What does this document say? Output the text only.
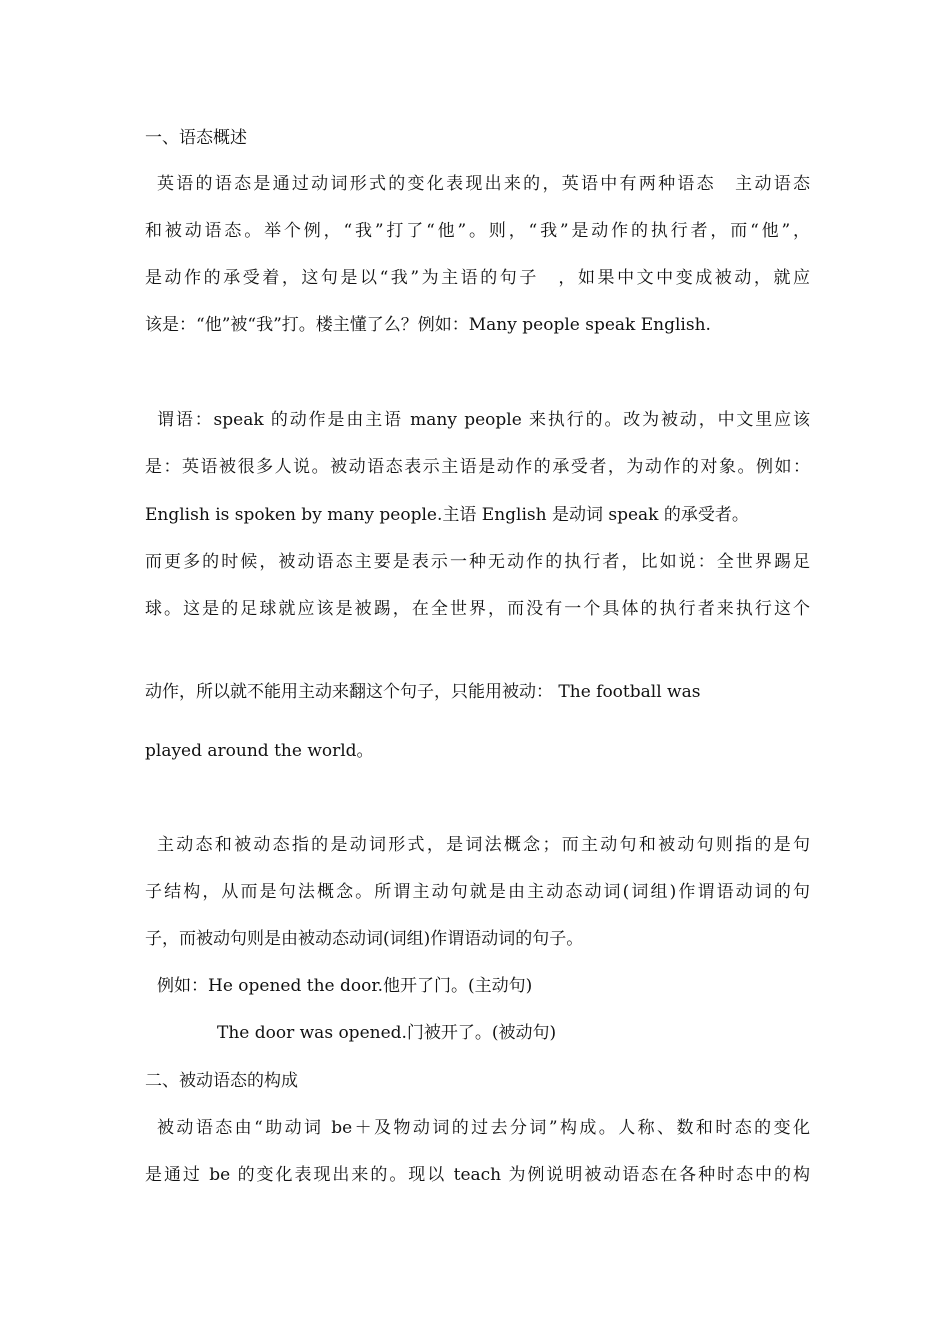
一、语态概述
英语的语态是通过动词形式的变化表现出来的，英语中有两种语态　主动语态
和被动语态。举个例，“我”打了“他”。则，“我”是动作的执行者，而“他”，
是动作的承受着，这句是以“我”为主语的句子　，如果中文中变成被动，就应
该是：“他”被“我”打。楼主懂了么？例如：Many people speak English.
谓语：speak 的动作是由主语 many people 来执行的。改为被动，中文里应该
是：英语被很多人说。被动语态表示主语是动作的承受者，为动作的对象。例如：
English is spoken by many people.主语 English 是动词 speak 的承受者。
而更多的时候，被动语态主要是表示一种无动作的执行者，比如说：全世界踢足
球。这是的足球就应该是被踢，在全世界，而没有一个具体的执行者来执行这个
动作，所以就不能用主动来翻这个句子，只能用被动： The football was
played around the world。
主动态和被动态指的是动词形式，是词法概念；而主动句和被动句则指的是句
子结构，从而是句法概念。所谓主动句就是由主动态动词(词组)作谓语动词的句
子，而被动句则是由被动态动词(词组)作谓语动词的句子。
例如：He opened the door.他开了门。(主动句)
The door was opened.门被开了。(被动句)
二、被动语态的构成
被动语态由“助动词 be＋及物动词的过去分词”构成。人称、数和时态的变化
是通过 be 的变化表现出来的。现以 teach 为例说明被动语态在各种时态中的构
